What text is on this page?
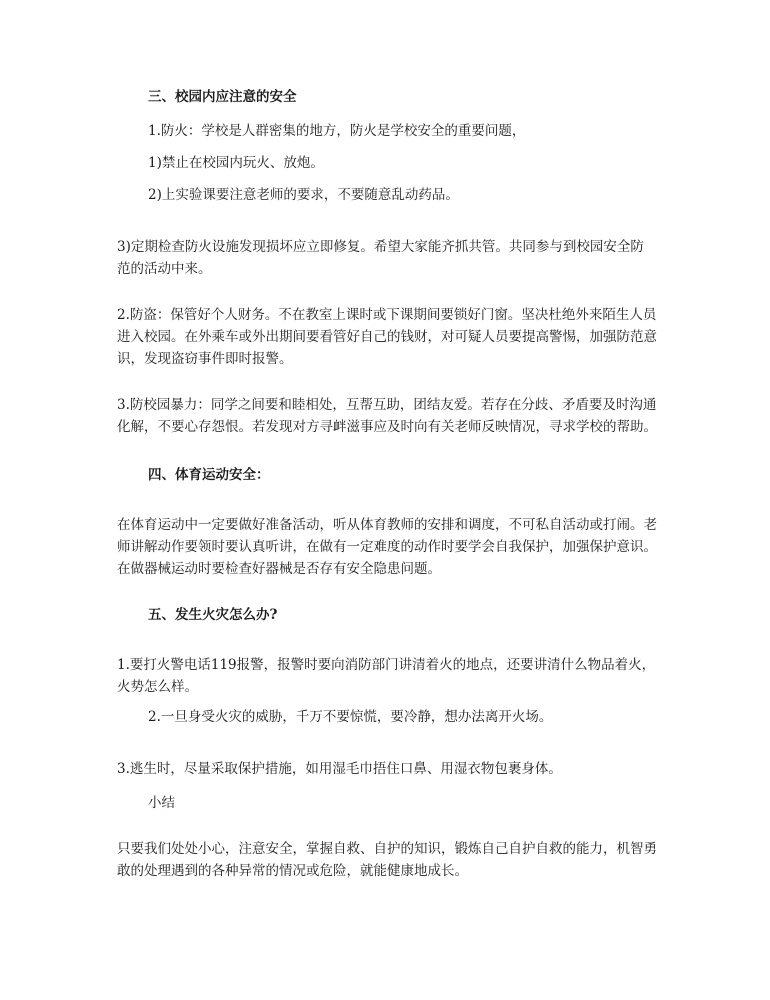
三、校园内应注意的安全
1.防火：学校是人群密集的地方，防火是学校安全的重要问题，
1)禁止在校园内玩火、放炮。
2)上实验课要注意老师的要求，不要随意乱动药品。
3)定期检查防火设施发现损坏应立即修复。希望大家能齐抓共管。共同参与到校园安全防范的活动中来。
2.防盗：保管好个人财务。不在教室上课时或下课期间要锁好门窗。坚决杜绝外来陌生人员进入校园。在外乘车或外出期间要看管好自己的钱财，对可疑人员要提高警惕，加强防范意识，发现盗窃事件即时报警。
3.防校园暴力：同学之间要和睦相处，互帮互助，团结友爱。若存在分歧、矛盾要及时沟通化解，不要心存怨恨。若发现对方寻衅滋事应及时向有关老师反映情况，寻求学校的帮助。
四、体育运动安全：
在体育运动中一定要做好准备活动，听从体育教师的安排和调度，不可私自活动或打闹。老师讲解动作要领时要认真听讲，在做有一定难度的动作时要学会自我保护，加强保护意识。在做器械运动时要检查好器械是否存有安全隐患问题。
五、发生火灾怎么办?
1.要打火警电话119报警，报警时要向消防部门讲清着火的地点，还要讲清什么物品着火，火势怎么样。
2.一旦身受火灾的威胁，千万不要惊慌，要冷静，想办法离开火场。
3.逃生时，尽量采取保护措施，如用湿毛巾捂住口鼻、用湿衣物包裹身体。
小结
只要我们处处小心，注意安全，掌握自救、自护的知识，锻炼自己自护自救的能力，机智勇敢的处理遇到的各种异常的情况或危险，就能健康地成长。
